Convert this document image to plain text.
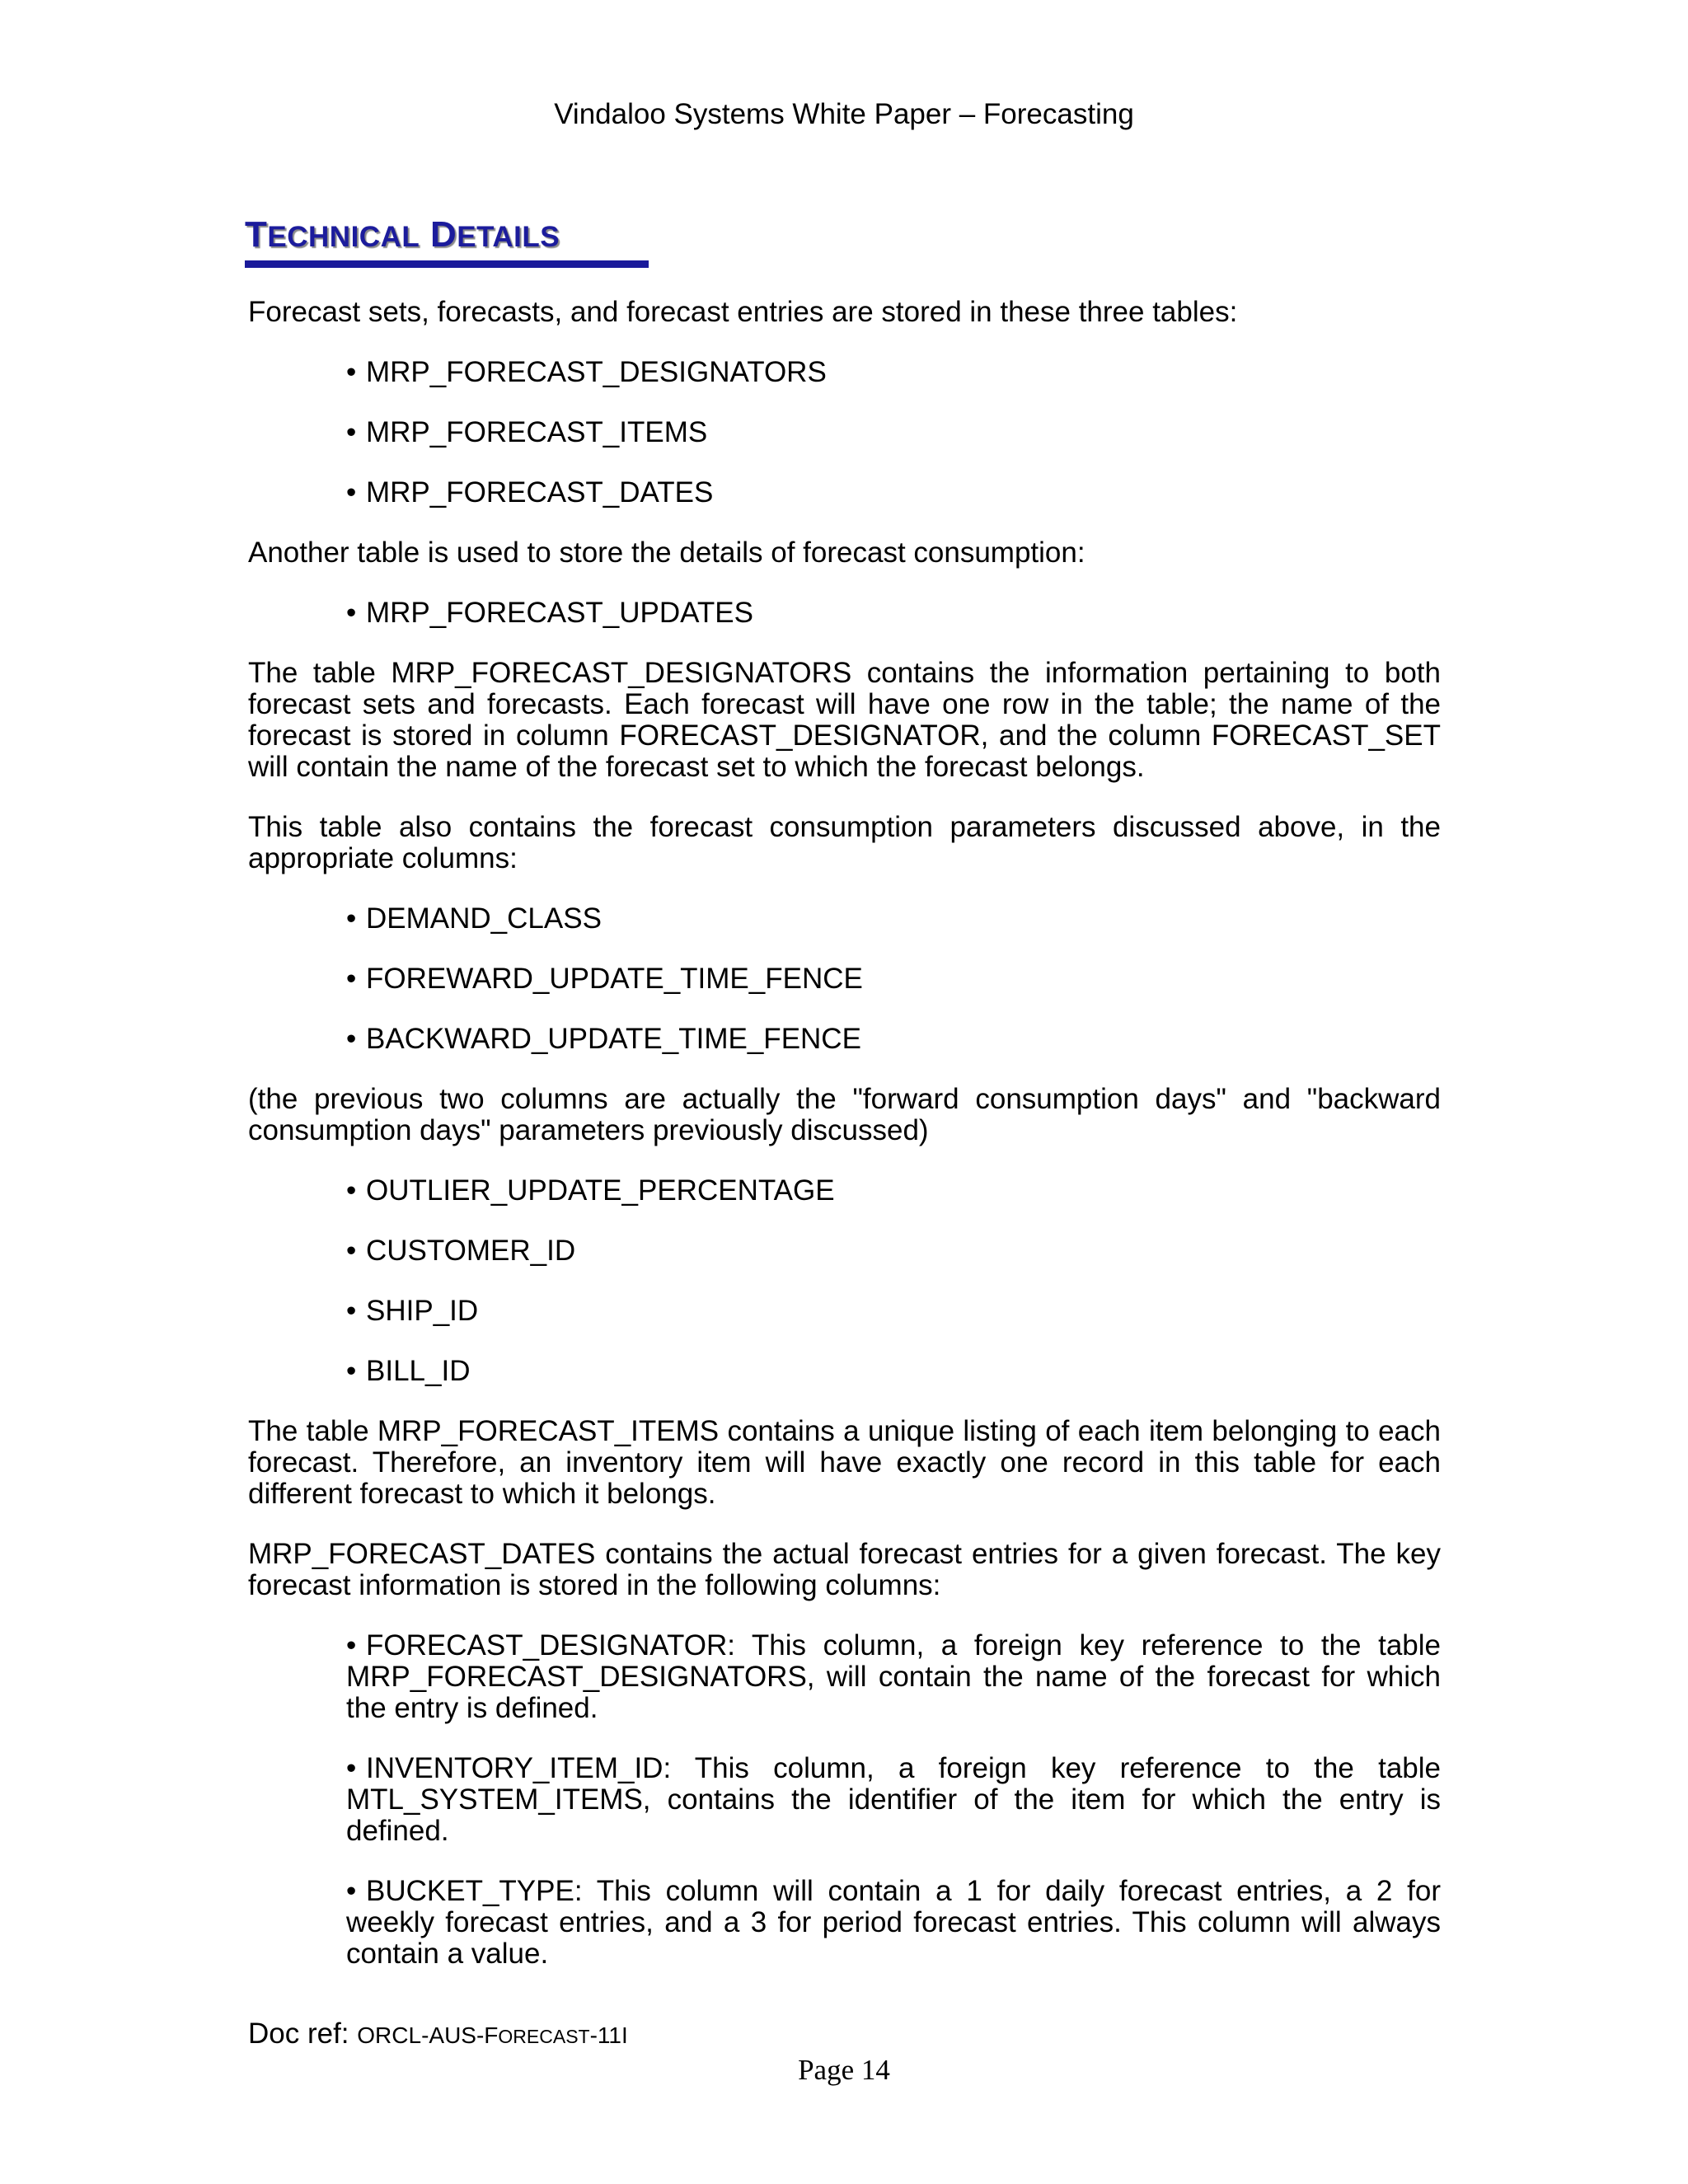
Vindaloo Systems White Paper – Forecasting
TECHNICAL DETAILS

Forecast sets, forecasts, and forecast entries are stored in these three tables:

• MRP_FORECAST_DESIGNATORS
• MRP_FORECAST_ITEMS
• MRP_FORECAST_DATES

Another table is used to store the details of forecast consumption:

• MRP_FORECAST_UPDATES

The table MRP_FORECAST_DESIGNATORS contains the information pertaining to both forecast sets and forecasts. Each forecast will have one row in the table; the name of the forecast is stored in column FORECAST_DESIGNATOR, and the column FORECAST_SET will contain the name of the forecast set to which the forecast belongs.

This table also contains the forecast consumption parameters discussed above, in the appropriate columns:

• DEMAND_CLASS
• FOREWARD_UPDATE_TIME_FENCE
• BACKWARD_UPDATE_TIME_FENCE

(the previous two columns are actually the "forward consumption days" and "backward consumption days" parameters previously discussed)

• OUTLIER_UPDATE_PERCENTAGE
• CUSTOMER_ID
• SHIP_ID
• BILL_ID

The table MRP_FORECAST_ITEMS contains a unique listing of each item belonging to each forecast. Therefore, an inventory item will have exactly one record in this table for each different forecast to which it belongs.

MRP_FORECAST_DATES contains the actual forecast entries for a given forecast. The key forecast information is stored in the following columns:

• FORECAST_DESIGNATOR: This column, a foreign key reference to the table MRP_FORECAST_DESIGNATORS, will contain the name of the forecast for which the entry is defined.
• INVENTORY_ITEM_ID: This column, a foreign key reference to the table MTL_SYSTEM_ITEMS, contains the identifier of the item for which the entry is defined.
• BUCKET_TYPE: This column will contain a 1 for daily forecast entries, a 2 for weekly forecast entries, and a 3 for period forecast entries. This column will always contain a value.
Doc ref: ORCL-AUS-FORECAST-11I
Page 14
